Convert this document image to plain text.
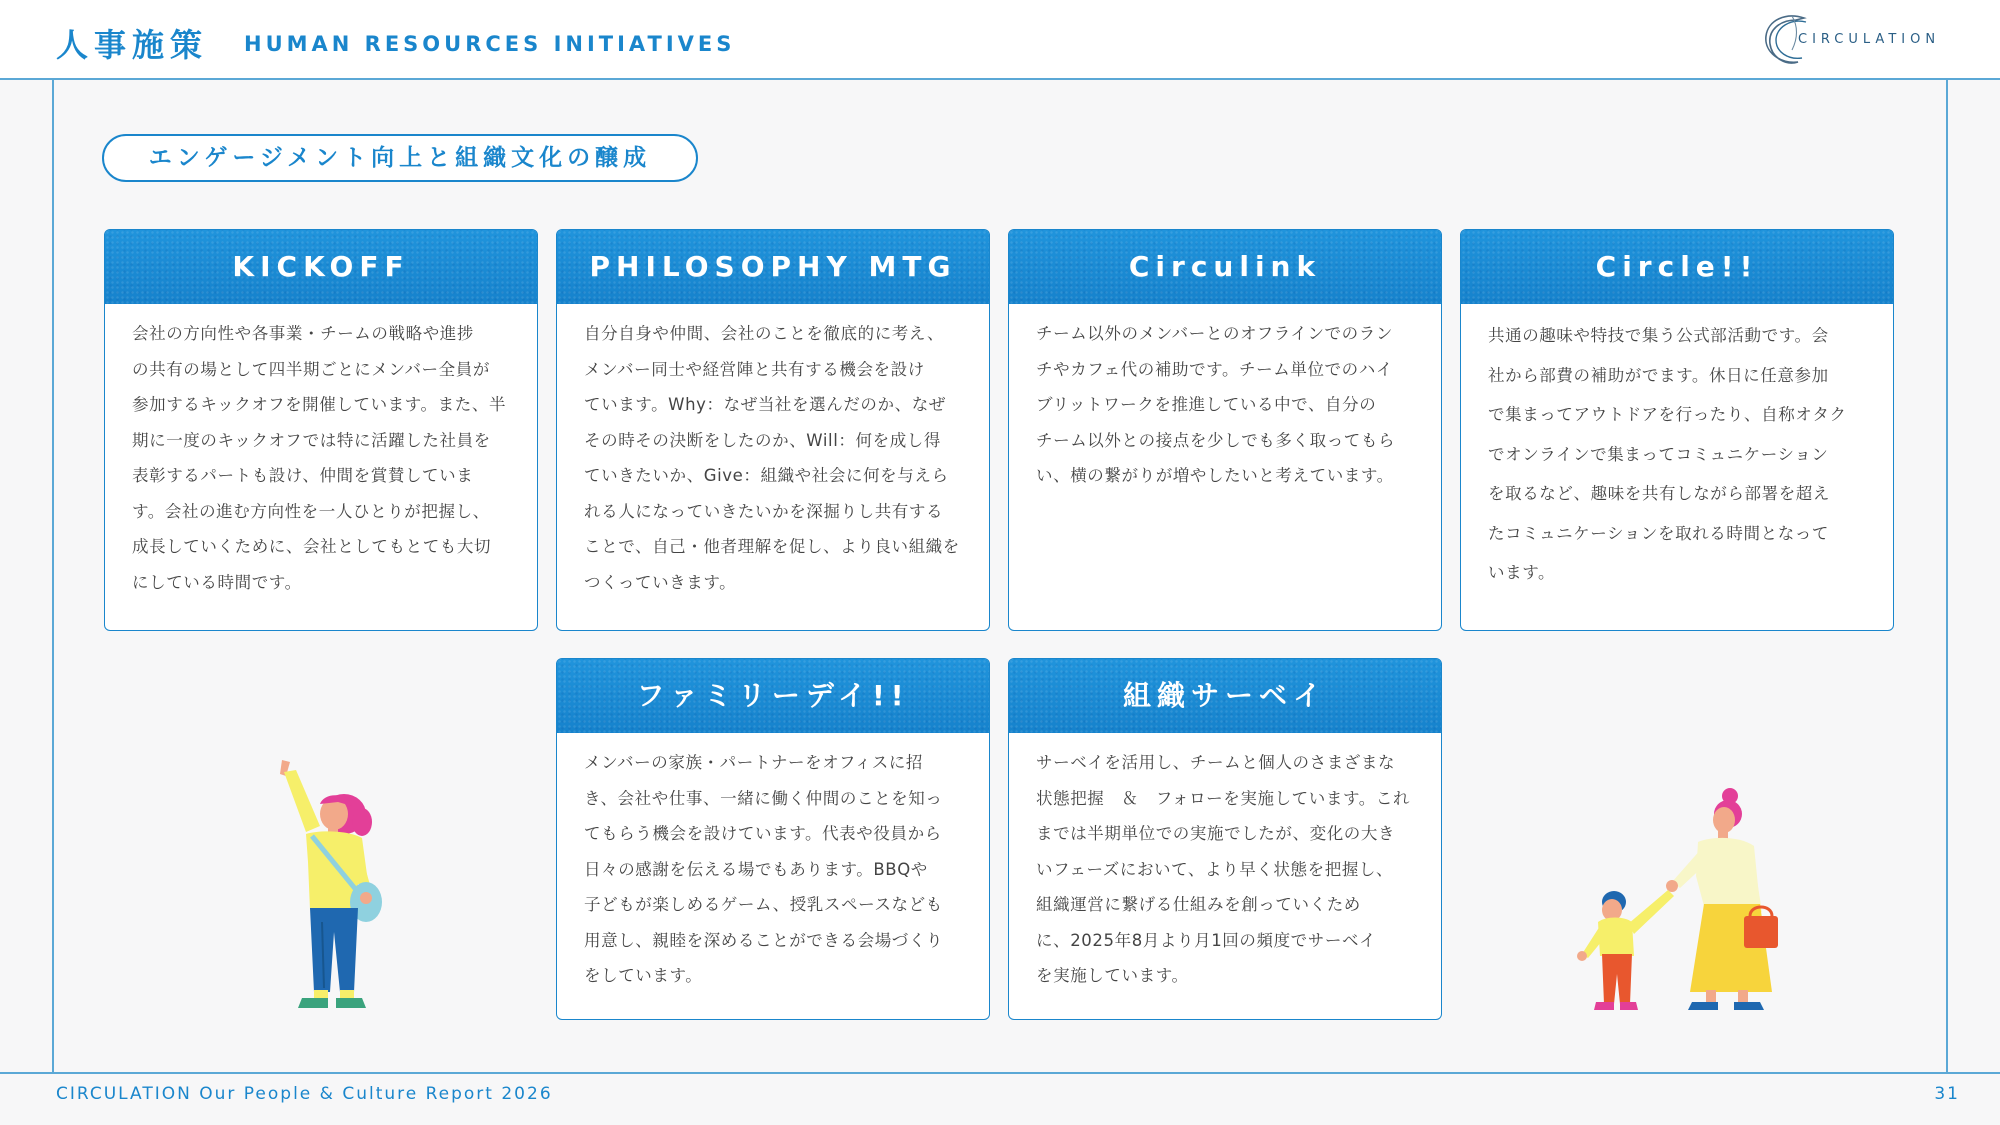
人事施策 HUMAN RESOURCES INITIATIVES	CIRCULATION
エンゲージメント向上と組織文化の醸成
KICKOFF
会社の方向性や各事業・チームの戦略や進捗
の共有の場として四半期ごとにメンバー全員が
参加するキックオフを開催しています。また、半
期に一度のキックオフでは特に活躍した社員を
表彰するパートも設け、仲間を賞賛していま
す。会社の進む方向性を一人ひとりが把握し、
成長していくために、会社としてもとても大切
にしている時間です。
PHILOSOPHY MTG
自分自身や仲間、会社のことを徹底的に考え、
メンバー同士や経営陣と共有する機会を設け
ています。Why：なぜ当社を選んだのか、なぜ
その時その決断をしたのか、Will：何を成し得
ていきたいか、Give：組織や社会に何を与えら
れる人になっていきたいかを深掘りし共有する
ことで、自己・他者理解を促し、より良い組織を
つくっていきます。
Circulink
チーム以外のメンバーとのオフラインでのラン
チやカフェ代の補助です。チーム単位でのハイ
ブリットワークを推進している中で、自分の
チーム以外との接点を少しでも多く取ってもら
い、横の繋がりが増やしたいと考えています。
Circle!!
共通の趣味や特技で集う公式部活動です。会
社から部費の補助がでます。休日に任意参加
で集まってアウトドアを行ったり、自称オタク
でオンラインで集まってコミュニケーション
を取るなど、趣味を共有しながら部署を超え
たコミュニケーションを取れる時間となって
います。
ファミリーデイ!!
メンバーの家族・パートナーをオフィスに招
き、会社や仕事、一緒に働く仲間のことを知っ
てもらう機会を設けています。代表や役員から
日々の感謝を伝える場でもあります。BBQや
子どもが楽しめるゲーム、授乳スペースなども
用意し、親睦を深めることができる会場づくり
をしています。
組織サーベイ
サーベイを活用し、チームと個人のさまざまな
状態把握　＆　フォローを実施しています。これ
までは半期単位での実施でしたが、変化の大き
いフェーズにおいて、より早く状態を把握し、
組織運営に繋げる仕組みを創っていくため
に、2025年8月より月1回の頻度でサーベイ
を実施しています。
CIRCULATION Our People & Culture Report 2026	31
